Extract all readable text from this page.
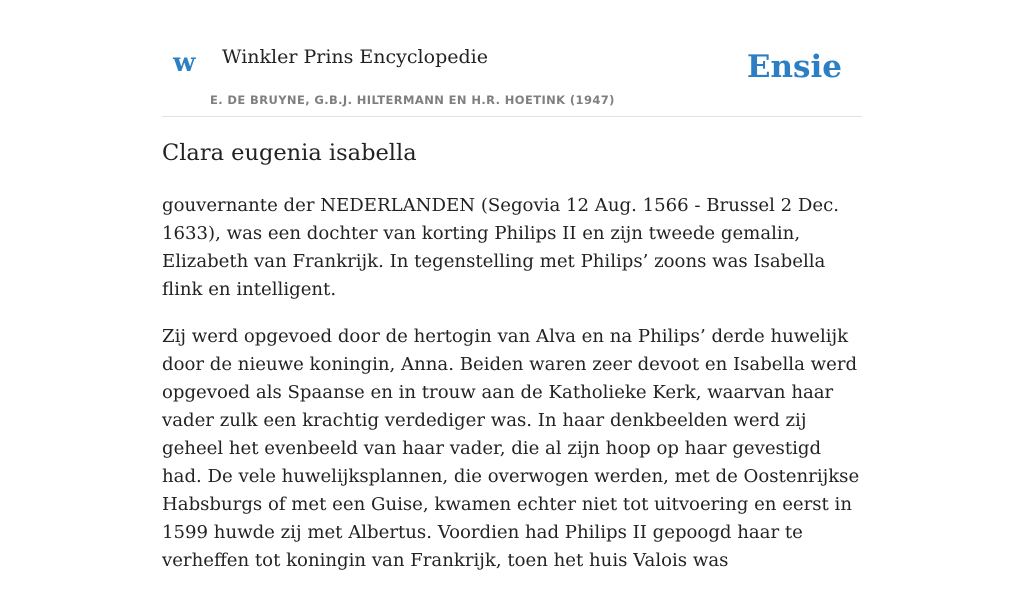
w Winkler Prins Encyclopedie
E. DE BRUYNE, G.B.J. HILTERMANN EN H.R. HOETINK (1947)
Ensie
Clara eugenia isabella

gouvernante der NEDERLANDEN (Segovia 12 Aug. 1566 - Brussel 2 Dec. 1633), was een dochter van korting Philips II en zijn tweede gemalin, Elizabeth van Frankrijk. In tegenstelling met Philips’ zoons was Isabella flink en intelligent.

Zij werd opgevoed door de hertogin van Alva en na Philips’ derde huwelijk door de nieuwe koningin, Anna. Beiden waren zeer devoot en Isabella werd opgevoed als Spaanse en in trouw aan de Katholieke Kerk, waarvan haar vader zulk een krachtig verdediger was. In haar denkbeelden werd zij geheel het evenbeeld van haar vader, die al zijn hoop op haar gevestigd had. De vele huwelijksplannen, die overwogen werden, met de Oostenrijkse Habsburgs of met een Guise, kwamen echter niet tot uitvoering en eerst in 1599 huwde zij met Albertus. Voordien had Philips II gepoogd haar te verheffen tot koningin van Frankrijk, toen het huis Valois was
